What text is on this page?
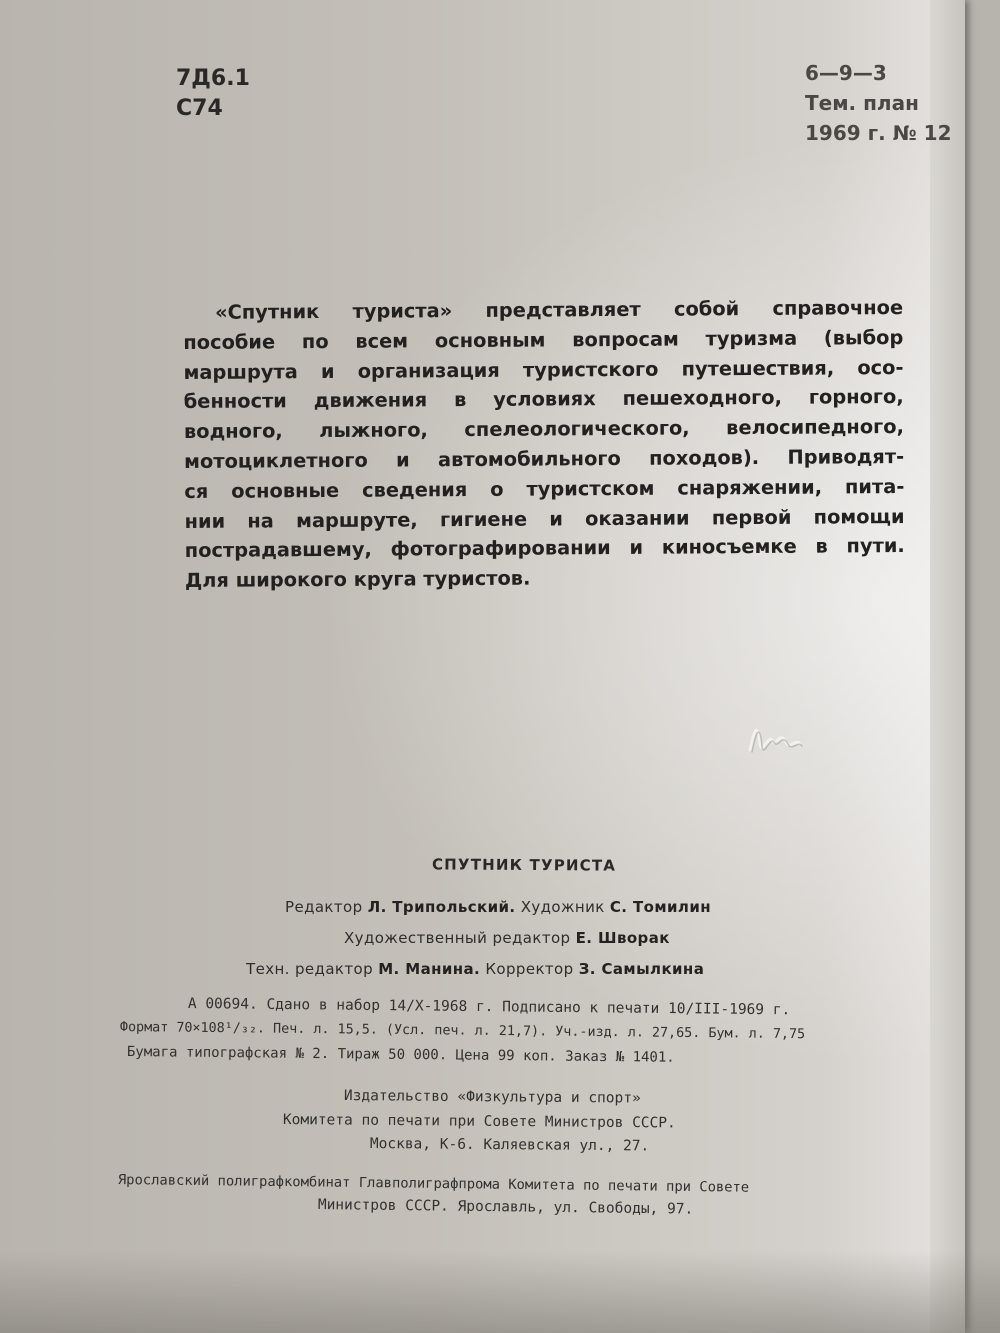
7Д6.1
С74
6—9—3
Тем. план
1969 г. № 12
«Спутник туриста» представляет собой справочное
пособие по всем основным вопросам туризма (выбор
маршрута и организация туристского путешествия, осо-
бенности движения в условиях пешеходного, горного,
водного, лыжного, спелеологического, велосипедного,
мотоциклетного и автомобильного походов). Приводят-
ся основные сведения о туристском снаряжении, пита-
нии на маршруте, гигиене и оказании первой помощи
пострадавшему, фотографировании и киносъемке в пути.
Для широкого круга туристов.
СПУТНИК ТУРИСТА
Редактор Л. Трипольский. Художник С. Томилин
Художественный редактор Е. Шворак
Техн. редактор М. Манина. Корректор З. Самылкина
А 00694. Сдано в набор 14/X-1968 г. Подписано к печати 10/III-1969 г.
Формат 70×108¹/₃₂. Печ. л. 15,5. (Усл. печ. л. 21,7). Уч.-изд. л. 27,65. Бум. л. 7,75
Бумага типографская № 2. Тираж 50 000. Цена 99 коп. Заказ № 1401.
Издательство «Физкультура и спорт»
Комитета по печати при Совете Министров СССР.
Москва, К-6. Каляевская ул., 27.
Ярославский полиграфкомбинат Главполиграфпрома Комитета по печати при Совете
Министров СССР. Ярославль, ул. Свободы, 97.
